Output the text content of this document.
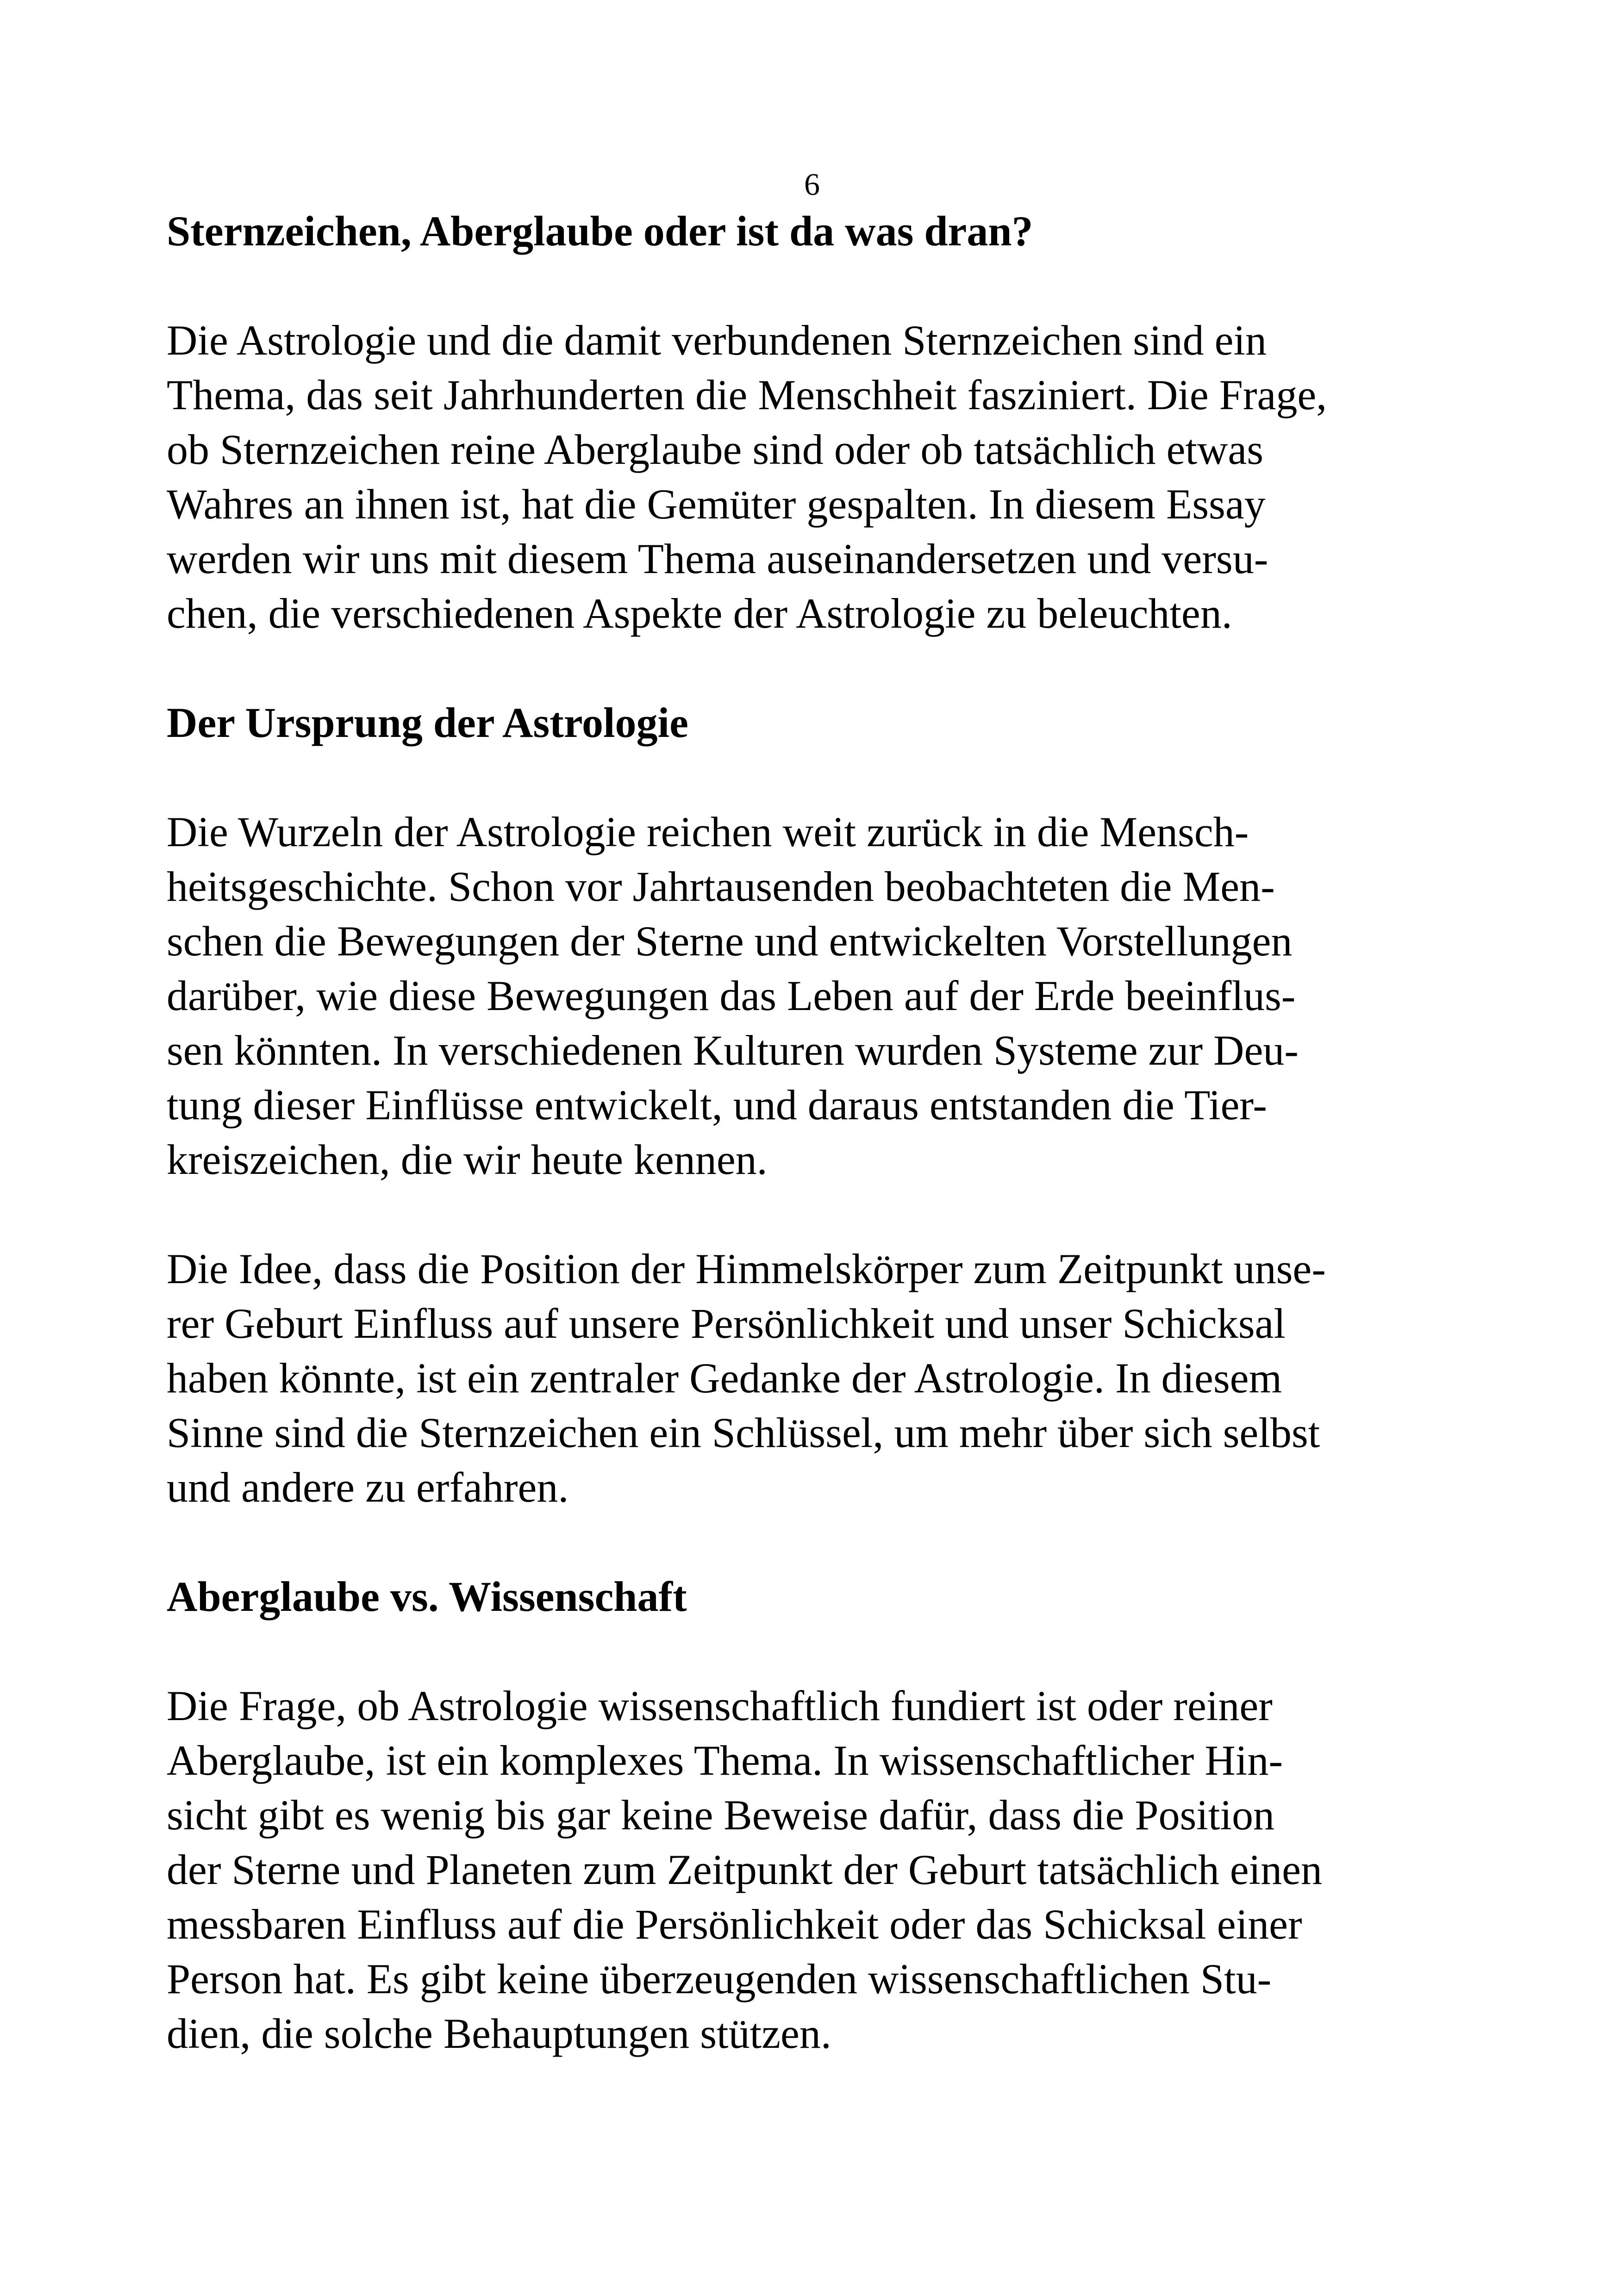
6
Sternzeichen, Aberglaube oder ist da was dran?

Die Astrologie und die damit verbundenen Sternzeichen sind ein
Thema, das seit Jahrhunderten die Menschheit fasziniert. Die Frage,
ob Sternzeichen reine Aberglaube sind oder ob tatsächlich etwas
Wahres an ihnen ist, hat die Gemüter gespalten. In diesem Essay
werden wir uns mit diesem Thema auseinandersetzen und versu-
chen, die verschiedenen Aspekte der Astrologie zu beleuchten.

Der Ursprung der Astrologie

Die Wurzeln der Astrologie reichen weit zurück in die Mensch-
heitsgeschichte. Schon vor Jahrtausenden beobachteten die Men-
schen die Bewegungen der Sterne und entwickelten Vorstellungen
darüber, wie diese Bewegungen das Leben auf der Erde beeinflus-
sen könnten. In verschiedenen Kulturen wurden Systeme zur Deu-
tung dieser Einflüsse entwickelt, und daraus entstanden die Tier-
kreiszeichen, die wir heute kennen.

Die Idee, dass die Position der Himmelskörper zum Zeitpunkt unse-
rer Geburt Einfluss auf unsere Persönlichkeit und unser Schicksal
haben könnte, ist ein zentraler Gedanke der Astrologie. In diesem
Sinne sind die Sternzeichen ein Schlüssel, um mehr über sich selbst
und andere zu erfahren.

Aberglaube vs. Wissenschaft

Die Frage, ob Astrologie wissenschaftlich fundiert ist oder reiner
Aberglaube, ist ein komplexes Thema. In wissenschaftlicher Hin-
sicht gibt es wenig bis gar keine Beweise dafür, dass die Position
der Sterne und Planeten zum Zeitpunkt der Geburt tatsächlich einen
messbaren Einfluss auf die Persönlichkeit oder das Schicksal einer
Person hat. Es gibt keine überzeugenden wissenschaftlichen Stu-
dien, die solche Behauptungen stützen.
